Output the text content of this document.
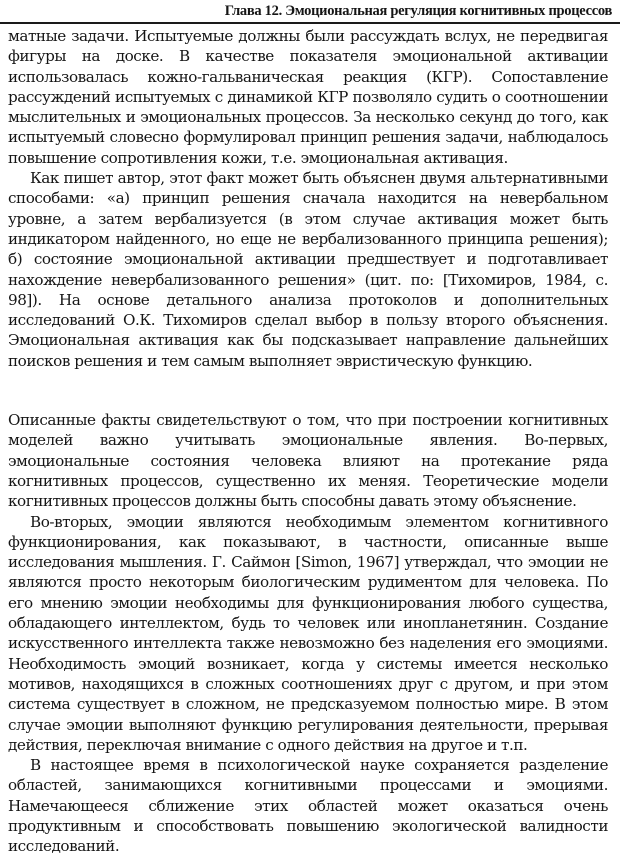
Глава 12. Эмоциональная регуляция когнитивных процессов

матные задачи. Испытуемые должны были рассуждать вслух, не передвигая фигуры на доске. В качестве показателя эмоциональной активации использовалась кожно-гальваническая реакция (КГР). Сопоставление рассуждений испытуемых с динамикой КГР позволяло судить о соотношении мыслительных и эмоциональных процессов. За несколько секунд до того, как испытуемый словесно формулировал принцип решения задачи, наблюдалось повышение сопротивления кожи, т.е. эмоциональная активация.

Как пишет автор, этот факт может быть объяснен двумя альтернативными способами: «а) принцип решения сначала находится на невербальном уровне, а затем вербализуется (в этом случае активация может быть индикатором найденного, но еще не вербализованного принципа решения); б) состояние эмоциональной активации предшествует и подготавливает нахождение невербализованного решения» (цит. по: [Тихомиров, 1984, с. 98]). На основе детального анализа протоколов и дополнительных исследований О.К. Тихомиров сделал выбор в пользу второго объяснения. Эмоциональная активация как бы подсказывает направление дальнейших поисков решения и тем самым выполняет эвристическую функцию.

Описанные факты свидетельствуют о том, что при построении когнитивных моделей важно учитывать эмоциональные явления. Во-первых, эмоциональные состояния человека влияют на протекание ряда когнитивных процессов, существенно их меняя. Теоретические модели когнитивных процессов должны быть способны давать этому объяснение.

Во-вторых, эмоции являются необходимым элементом когнитивного функционирования, как показывают, в частности, описанные выше исследования мышления. Г. Саймон [Simon, 1967] утверждал, что эмоции не являются просто некоторым биологическим рудиментом для человека. По его мнению эмоции необходимы для функционирования любого существа, обладающего интеллектом, будь то человек или инопланетянин. Создание искусственного интеллекта также невозможно без наделения его эмоциями. Необходимость эмоций возникает, когда у системы имеется несколько мотивов, находящихся в сложных соотношениях друг с другом, и при этом система существует в сложном, не предсказуемом полностью мире. В этом случае эмоции выполняют функцию регулирования деятельности, прерывая действия, переключая внимание с одного действия на другое и т.п.

В настоящее время в психологической науке сохраняется разделение областей, занимающихся когнитивными процессами и эмоциями. Намечающееся сближение этих областей может оказаться очень продуктивным и способствовать повышению экологической валидности исследований.
